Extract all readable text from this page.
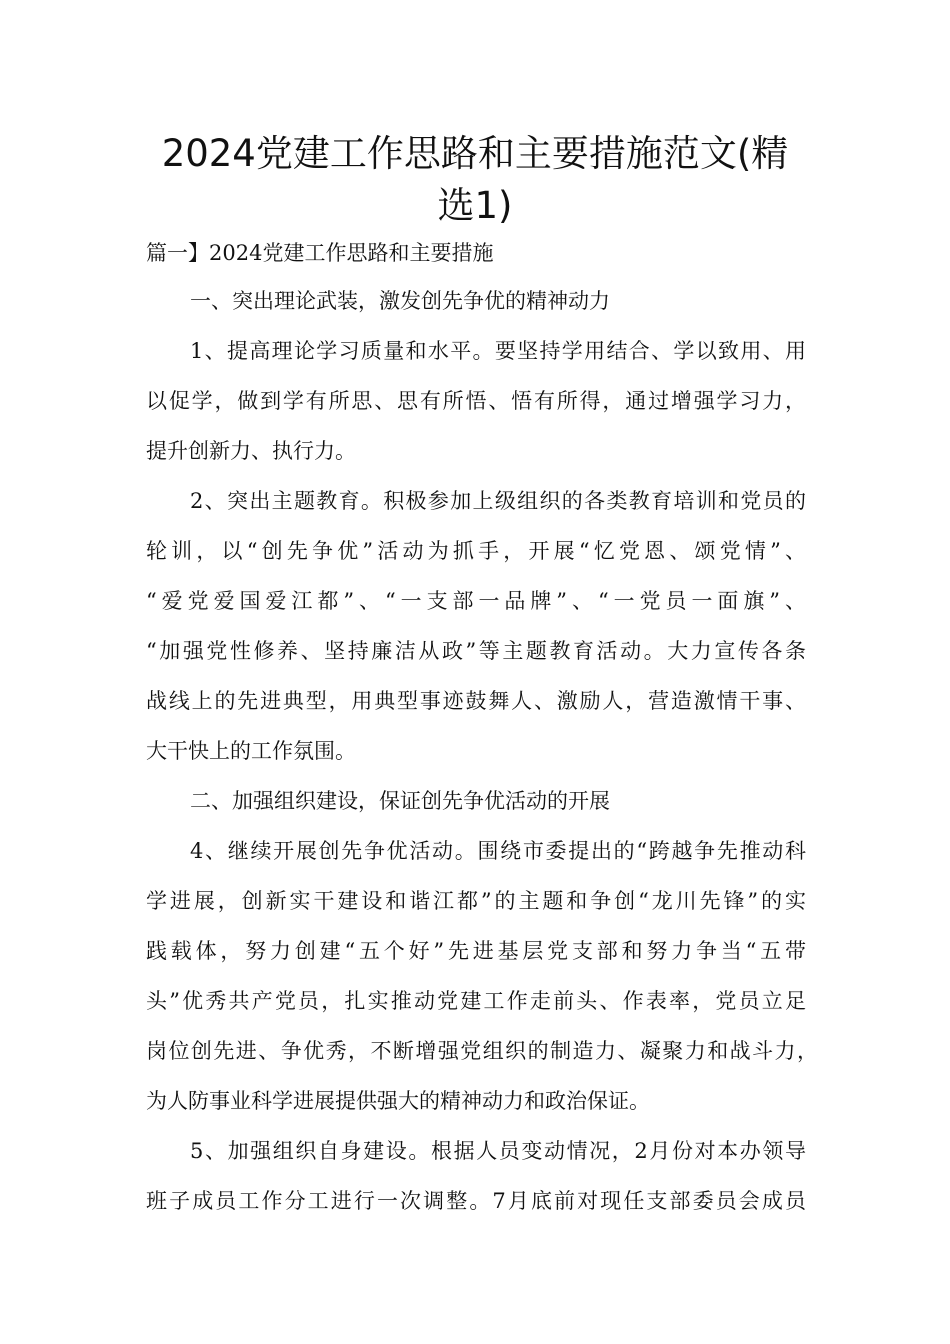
2024党建工作思路和主要措施范文(精
选1)
篇一】2024党建工作思路和主要措施
一、突出理论武装，激发创先争优的精神动力
1、提高理论学习质量和水平。要坚持学用结合、学以致用、用
以促学，做到学有所思、思有所悟、悟有所得，通过增强学习力，
提升创新力、执行力。
2、突出主题教育。积极参加上级组织的各类教育培训和党员的
轮训，以“创先争优”活动为抓手，开展“忆党恩、颂党情”、
“爱党爱国爱江都”、“一支部一品牌”、“一党员一面旗”、
“加强党性修养、坚持廉洁从政”等主题教育活动。大力宣传各条
战线上的先进典型，用典型事迹鼓舞人、激励人，营造激情干事、
大干快上的工作氛围。
二、加强组织建设，保证创先争优活动的开展
4、继续开展创先争优活动。围绕市委提出的“跨越争先推动科
学进展，创新实干建设和谐江都”的主题和争创“龙川先锋”的实
践载体，努力创建“五个好”先进基层党支部和努力争当“五带
头”优秀共产党员，扎实推动党建工作走前头、作表率，党员立足
岗位创先进、争优秀，不断增强党组织的制造力、凝聚力和战斗力，
为人防事业科学进展提供强大的精神动力和政治保证。
5、加强组织自身建设。根据人员变动情况，2月份对本办领导
班子成员工作分工进行一次调整。7月底前对现任支部委员会成员
